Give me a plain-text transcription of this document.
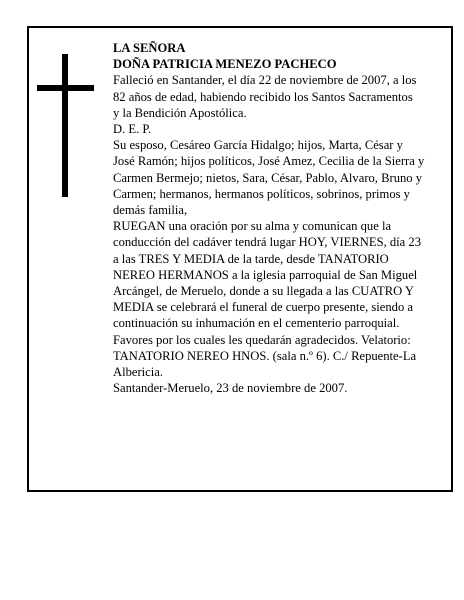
LA SEÑORA

DOÑA PATRICIA MENEZO PACHECO

Falleció en Santander, el día 22 de noviembre de 2007, a los 82 años de edad, habiendo recibido los Santos Sacramentos

y la Bendición Apostólica.

D. E. P.

Su esposo, Cesáreo García Hidalgo; hijos, Marta, César y José Ramón; hijos políticos, José Amez, Cecilia de la Sierra y Carmen Bermejo; nietos, Sara, César, Pablo, Alvaro, Bruno y Carmen; hermanos, hermanos políticos, sobrinos, primos y demás familia,

RUEGAN una oración por su alma y comunican que la conducción del cadáver tendrá lugar HOY, VIERNES, día 23 a las TRES Y MEDIA de la tarde, desde TANATORIO NEREO HERMANOS a la iglesia parroquial de San Miguel Arcángel, de Meruelo, donde a su llegada a las CUATRO Y MEDIA se celebrará el funeral de cuerpo presente, siendo a continuación su inhumación en el cementerio parroquial. Favores por los cuales les quedarán agradecidos. Velatorio: TANATORIO NEREO HNOS. (sala n.º 6). C./ Repuente-La Albericia.

Santander-Meruelo, 23 de noviembre de 2007.
